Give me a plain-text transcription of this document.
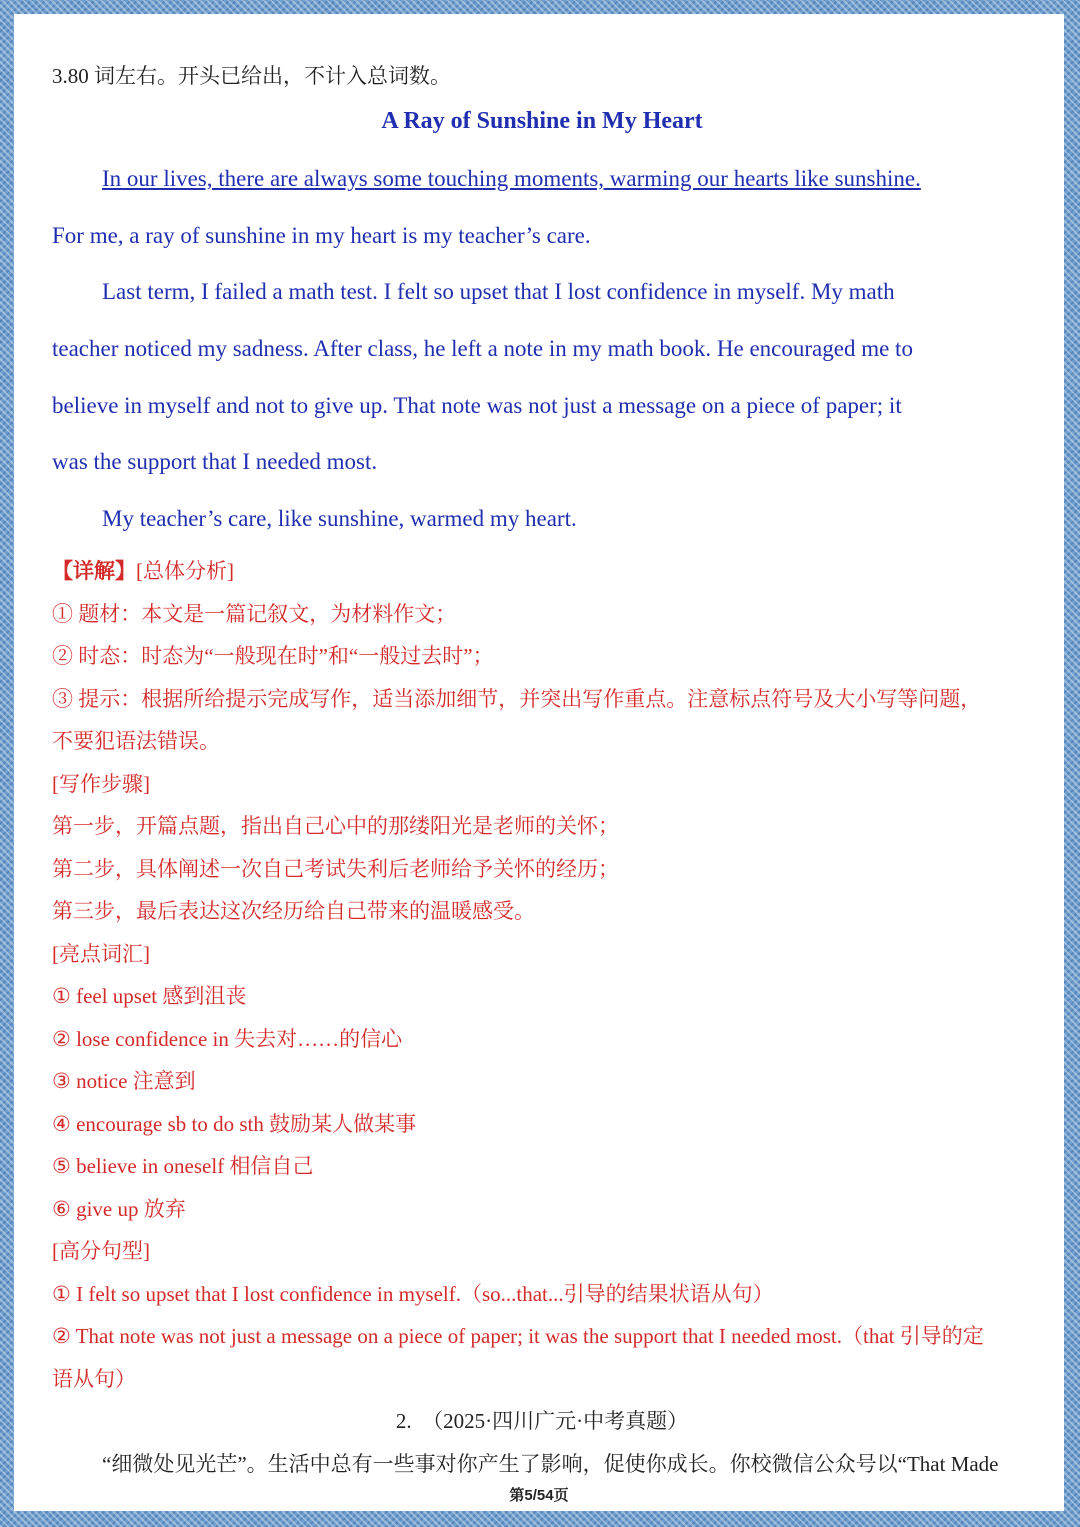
3.80 词左右。开头已给出，不计入总词数。
A Ray of Sunshine in My Heart
In our lives, there are always some touching moments, warming our hearts like sunshine.
For me, a ray of sunshine in my heart is my teacher’s care.
Last term, I failed a math test. I felt so upset that I lost confidence in myself. My math
teacher noticed my sadness. After class, he left a note in my math book. He encouraged me to
believe in myself and not to give up. That note was not just a message on a piece of paper; it
was the support that I needed most.
My teacher’s care, like sunshine, warmed my heart.
【详解】[总体分析]
① 题材：本文是一篇记叙文，为材料作文；
② 时态：时态为“一般现在时”和“一般过去时”；
③ 提示：根据所给提示完成写作，适当添加细节，并突出写作重点。注意标点符号及大小写等问题，
不要犯语法错误。
[写作步骤]
第一步，开篇点题，指出自己心中的那缕阳光是老师的关怀；
第二步，具体阐述一次自己考试失利后老师给予关怀的经历；
第三步，最后表达这次经历给自己带来的温暖感受。
[亮点词汇]
① feel upset 感到沮丧
② lose confidence in 失去对……的信心
③ notice 注意到
④ encourage sb to do sth 鼓励某人做某事
⑤ believe in oneself 相信自己
⑥ give up 放弃
[高分句型]
① I felt so upset that I lost confidence in myself.（so...that...引导的结果状语从句）
② That note was not just a message on a piece of paper; it was the support that I needed most.（that 引导的定
语从句）
2.　（2025·四川广元·中考真题）
“细微处见光芒”。生活中总有一些事对你产生了影响，促使你成长。你校微信公众号以“That Made
第5/54页
